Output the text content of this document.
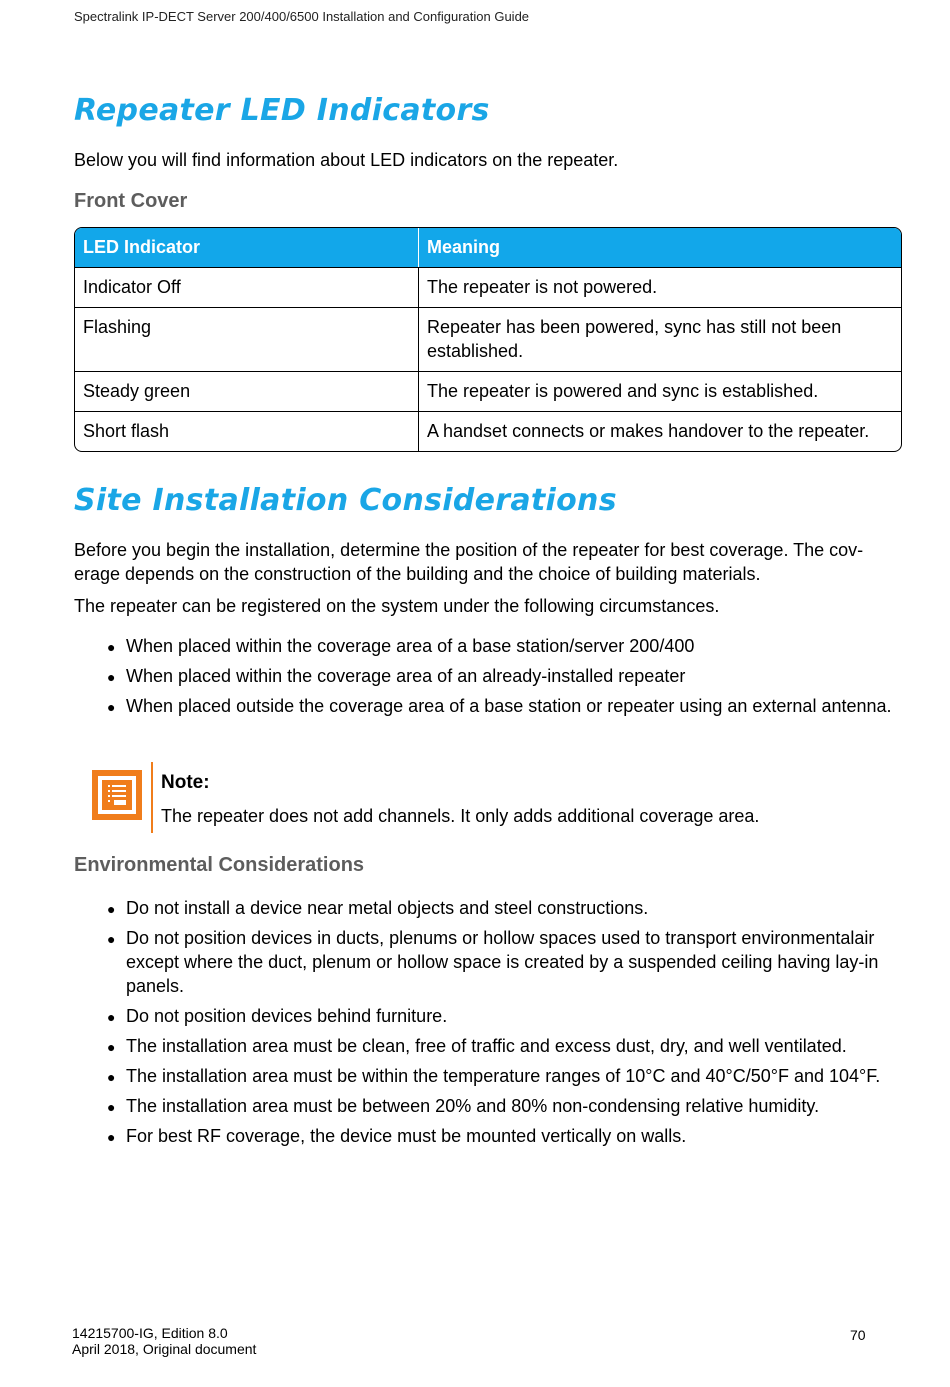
Spectralink IP-DECT Server 200/400/6500 Installation and Configuration Guide
Repeater LED Indicators

Below you will find information about LED indicators on the repeater.

Front Cover
LED Indicator	Meaning
Indicator Off	The repeater is not powered.
Flashing	Repeater has been powered, sync has still not been established.
Steady green	The repeater is powered and sync is established.
Short flash	A handset connects or makes handover to the repeater.
Site Installation Considerations

Before you begin the installation, determine the position of the repeater for best coverage. The cov-erage depends on the construction of the building and the choice of building materials.

The repeater can be registered on the system under the following circumstances.

● When placed within the coverage area of a base station/server 200/400
● When placed within the coverage area of an already-installed repeater
● When placed outside the coverage area of a base station or repeater using an external antenna.
Note:
The repeater does not add channels. It only adds additional coverage area.
Environmental Considerations
● Do not install a device near metal objects and steel constructions.
● Do not position devices in ducts, plenums or hollow spaces used to transport environmentalair except where the duct, plenum or hollow space is created by a suspended ceiling having lay-in panels.
● Do not position devices behind furniture.
● The installation area must be clean, free of traffic and excess dust, dry, and well ventilated.
● The installation area must be within the temperature ranges of 10°C and 40°C/50°F and 104°F.
● The installation area must be between 20% and 80% non-condensing relative humidity.
● For best RF coverage, the device must be mounted vertically on walls.
14215700-IG, Edition 8.0
April 2018, Original document
70
